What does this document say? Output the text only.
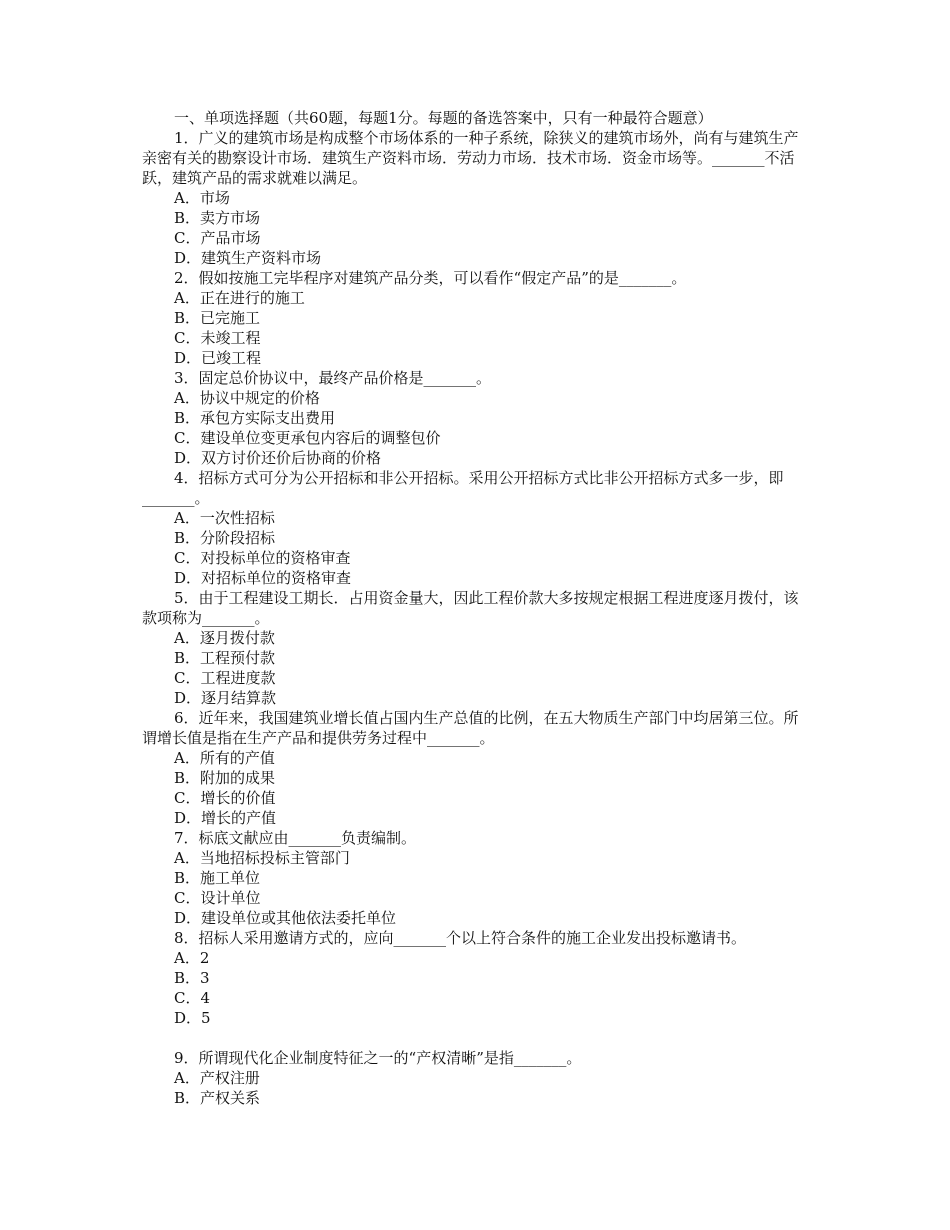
一、单项选择题（共60题，每题1分。每题的备选答案中，只有一种最符合题意）

1．广义的建筑市场是构成整个市场体系的一种子系统，除狭义的建筑市场外，尚有与建筑生产亲密有关的勘察设计市场．建筑生产资料市场．劳动力市场．技术市场．资金市场等。_______不活跃，建筑产品的需求就难以满足。

A．市场

B．卖方市场

C．产品市场

D．建筑生产资料市场

2．假如按施工完毕程序对建筑产品分类，可以看作“假定产品”的是_______。

A．正在进行的施工

B．已完施工

C．未竣工程

D．已竣工程

3．固定总价协议中，最终产品价格是_______。

A．协议中规定的价格

B．承包方实际支出费用

C．建设单位变更承包内容后的调整包价

D．双方讨价还价后协商的价格

4．招标方式可分为公开招标和非公开招标。采用公开招标方式比非公开招标方式多一步，即_______。

A．一次性招标

B．分阶段招标

C．对投标单位的资格审查

D．对招标单位的资格审查

5．由于工程建设工期长．占用资金量大，因此工程价款大多按规定根据工程进度逐月拨付，该款项称为_______。

A．逐月拨付款

B．工程预付款

C．工程进度款

D．逐月结算款

6．近年来，我国建筑业增长值占国内生产总值的比例，在五大物质生产部门中均居第三位。所谓增长值是指在生产产品和提供劳务过程中_______。

A．所有的产值

B．附加的成果

C．增长的价值

D．增长的产值

7．标底文献应由_______负责编制。

A．当地招标投标主管部门

B．施工单位

C．设计单位

D．建设单位或其他依法委托单位

8．招标人采用邀请方式的，应向_______个以上符合条件的施工企业发出投标邀请书。

A．2

B．3

C．4

D．5

9．所谓现代化企业制度特征之一的“产权清晰”是指_______。

A．产权注册

B．产权关系
